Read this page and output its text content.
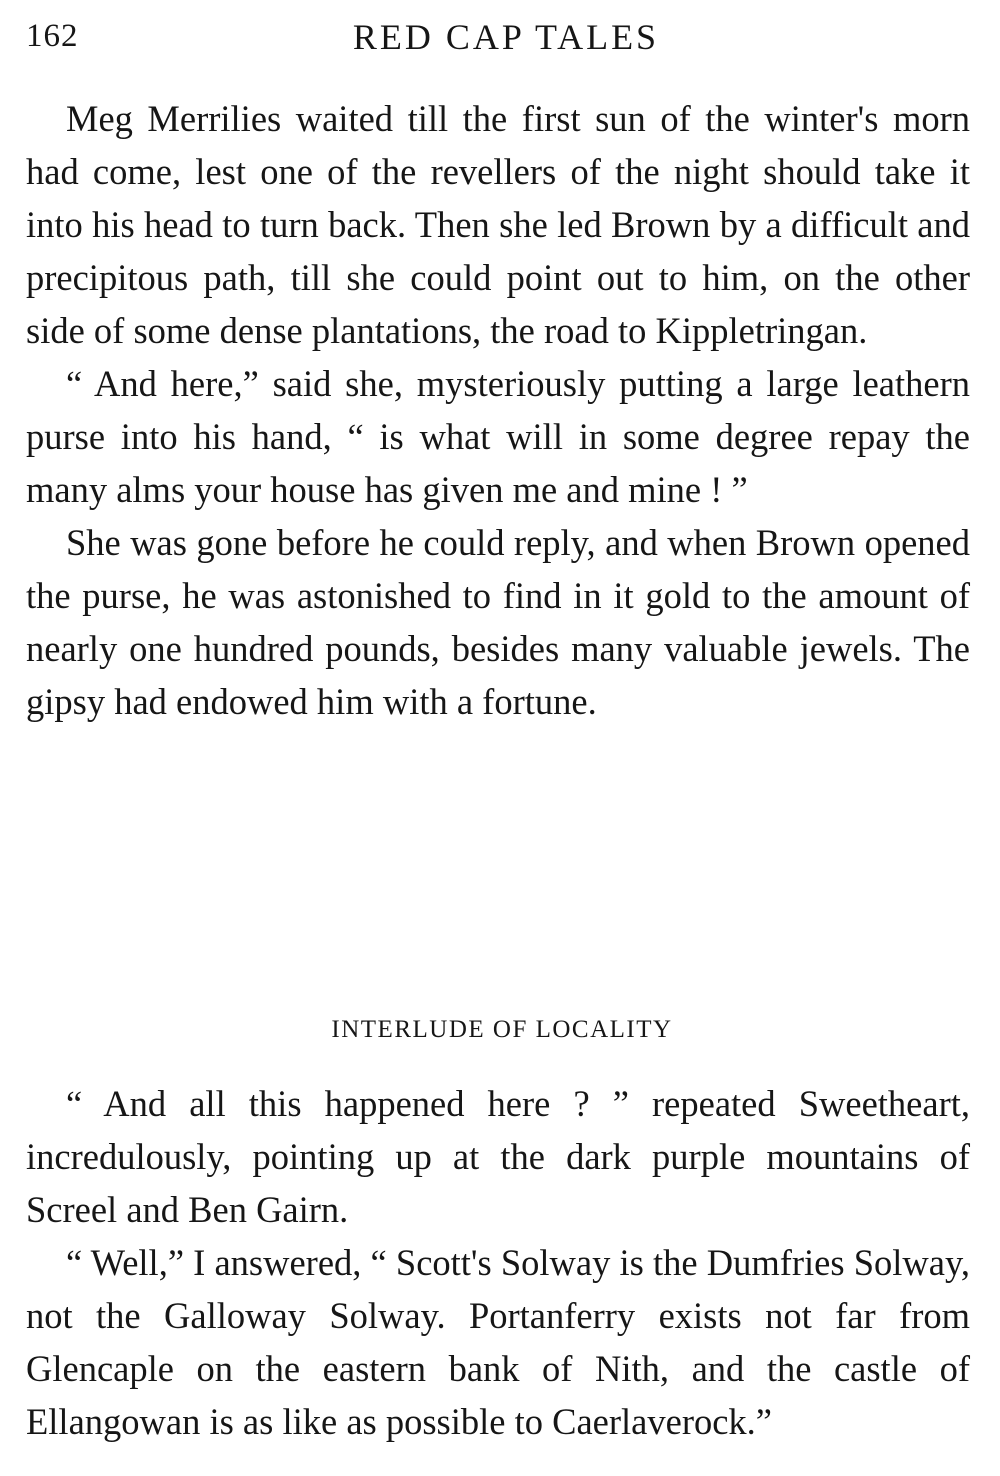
162	RED CAP TALES

Meg Merrilies waited till the first sun of the winter's morn had come, lest one of the revellers of the night should take it into his head to turn back. Then she led Brown by a difficult and precipitous path, till she could point out to him, on the other side of some dense plantations, the road to Kippletringan.

“ And here,” said she, mysteriously putting a large leathern purse into his hand, “ is what will in some degree repay the many alms your house has given me and mine ! ”

She was gone before he could reply, and when Brown opened the purse, he was astonished to find in it gold to the amount of nearly one hundred pounds, besides many valuable jewels. The gipsy had endowed him with a fortune.

INTERLUDE OF LOCALITY

“ And all this happened here ? ” repeated Sweetheart, incredulously, pointing up at the dark purple mountains of Screel and Ben Gairn.

“ Well,” I answered, “ Scott's Solway is the Dumfries Solway, not the Galloway Solway. Portanferry exists not far from Glencaple on the eastern bank of Nith, and the castle of Ellangowan is as like as possible to Caerlaverock.”
